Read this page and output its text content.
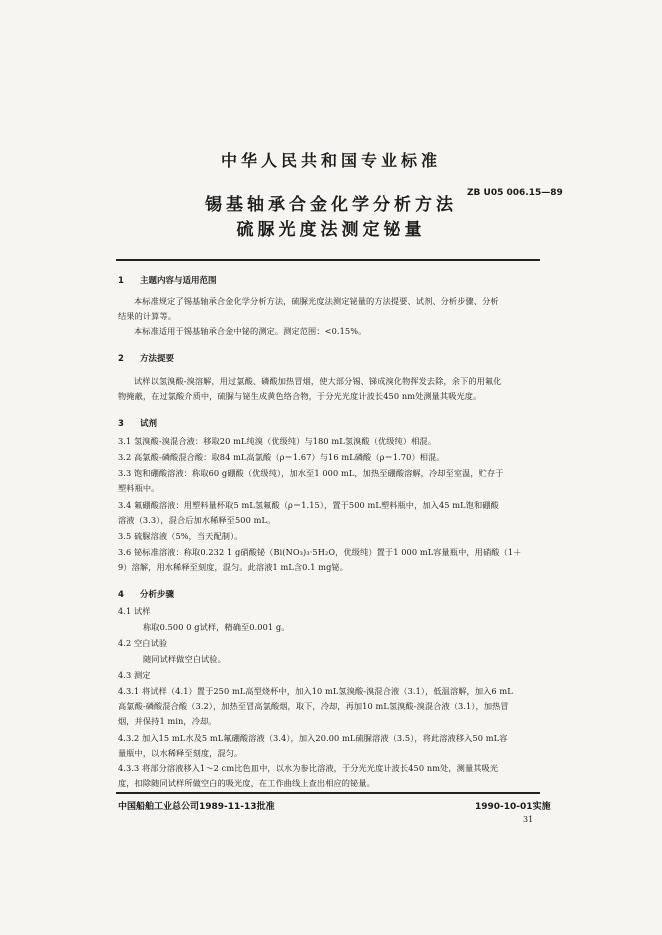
中华人民共和国专业标准
锡基轴承合金化学分析方法
硫脲光度法测定铋量
ZB U05 006.15—89
1 主题内容与适用范围
本标准规定了锡基轴承合金化学分析方法，硫脲光度法测定铋量的方法提要、试剂、分析步骤、分析
结果的计算等。
本标准适用于锡基轴承合金中铋的测定。测定范围：<0.15%。
2 方法提要
试样以氢溴酸-溴溶解，用过氯酸、磷酸加热冒烟，使大部分锡、锑成溴化物挥发去除，余下的用氟化
物掩蔽，在过氯酸介质中，硫脲与铋生成黄色络合物，于分光光度计波长450 nm处测量其吸光度。
3 试剂
3.1 氢溴酸-溴混合液：移取20 mL纯溴（优级纯）与180 mL氢溴酸（优级纯）相混。
3.2 高氯酸-磷酸混合酸：取84 mL高氯酸（ρ＝1.67）与16 mL磷酸（ρ＝1.70）相混。
3.3 饱和硼酸溶液：称取60 g硼酸（优级纯），加水至1 000 mL，加热至硼酸溶解，冷却至室温，贮存于
塑料瓶中。
3.4 氟硼酸溶液：用塑料量杯取5 mL氢氟酸（ρ＝1.15），置于500 mL塑料瓶中，加入45 mL饱和硼酸
溶液（3.3），混合后加水稀释至500 mL。
3.5 硫脲溶液（5%，当天配制）。
3.6 铋标准溶液：称取0.232 1 g硝酸铋（Bi(NO₃)₃·5H₂O，优级纯）置于1 000 mL容量瓶中，用硝酸（1＋
9）溶解，用水稀释至刻度，混匀。此溶液1 mL含0.1 mg铋。
4 分析步骤
4.1 试样
称取0.500 0 g试样，精确至0.001 g。
4.2 空白试验
随同试样做空白试验。
4.3 测定
4.3.1 将试样（4.1）置于250 mL高型烧杯中，加入10 mL氢溴酸-溴混合液（3.1），低温溶解，加入6 mL
高氯酸-磷酸混合酸（3.2），加热至冒高氯酸烟，取下，冷却，再加10 mL氢溴酸-溴混合液（3.1），加热冒
烟，并保持1 min，冷却。
4.3.2 加入15 mL水及5 mL氟硼酸溶液（3.4），加入20.00 mL硫脲溶液（3.5），将此溶液移入50 mL容
量瓶中，以水稀释至刻度，混匀。
4.3.3 将部分溶液移入1～2 cm比色皿中，以水为参比溶液，于分光光度计波长450 nm处，测量其吸光
度，扣除随同试样所做空白的吸光度，在工作曲线上查出相应的铋量。
中国船舶工业总公司1989-11-13批准	1990-10-01实施
31
